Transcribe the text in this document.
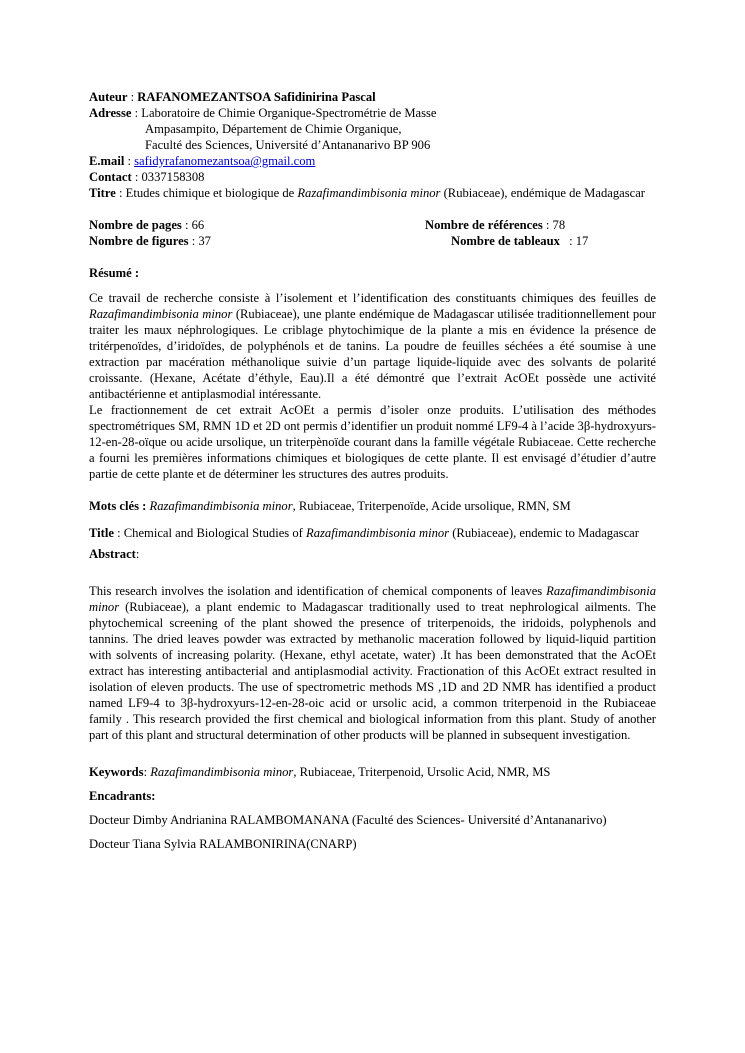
Auteur : RAFANOMEZANTSOA Safidinirina Pascal

Adresse : Laboratoire de Chimie Organique-Spectrométrie de Masse

Ampasampito, Département de Chimie Organique,

Faculté des Sciences, Université d’Antananarivo BP 906

E.mail : safidyrafanomezantsoa@gmail.com

Contact : 0337158308

Titre : Etudes chimique et biologique de Razafimandimbisonia minor (Rubiaceae), endémique de Madagascar

Nombre de pages : 66	Nombre de références : 78
Nombre de figures : 37	Nombre de tableaux : 17

Résumé :

Ce travail de recherche consiste à l’isolement et l’identification des constituants chimiques des feuilles de Razafimandimbisonia minor (Rubiaceae), une plante endémique de Madagascar utilisée traditionnellement pour traiter les maux néphrologiques. Le criblage phytochimique de la plante a mis en évidence la présence de tritérpenoïdes, d’iridoïdes, de polyphénols et de tanins. La poudre de feuilles séchées a été soumise à une extraction par macération méthanolique suivie d’un partage liquide-liquide avec des solvants de polarité croissante. (Hexane, Acétate d’éthyle, Eau).Il a été démontré que l’extrait AcOEt possède une activité antibactérienne et antiplasmodial intéressante.

Le fractionnement de cet extrait AcOEt a permis d’isoler onze produits. L’utilisation des méthodes spectrométriques SM, RMN 1D et 2D ont permis d’identifier un produit nommé LF9-4 à l’acide 3β-hydroxyurs-12-en-28-oïque ou acide ursolique, un triterpènoïde courant dans la famille végétale Rubiaceae. Cette recherche a fourni les premières informations chimiques et biologiques de cette plante. Il est envisagé d’étudier d’autre partie de cette plante et de déterminer les structures des autres produits.

Mots clés : Razafimandimbisonia minor, Rubiaceae, Triterpenoïde, Acide ursolique, RMN, SM

Title : Chemical and Biological Studies of Razafimandimbisonia minor (Rubiaceae), endemic to Madagascar

Abstract:

This research involves the isolation and identification of chemical components of leaves Razafimandimbisonia minor (Rubiaceae), a plant endemic to Madagascar traditionally used to treat nephrological ailments. The phytochemical screening of the plant showed the presence of triterpenoids, the iridoids, polyphenols and tannins. The dried leaves powder was extracted by methanolic maceration followed by liquid-liquid partition with solvents of increasing polarity. (Hexane, ethyl acetate, water) .It has been demonstrated that the AcOEt extract has interesting antibacterial and antiplasmodial activity. Fractionation of this AcOEt extract resulted in isolation of eleven products. The use of spectrometric methods MS ,1D and 2D NMR has identified a product named LF9-4 to 3β-hydroxyurs-12-en-28-oic acid or ursolic acid, a common triterpenoid in the Rubiaceae family . This research provided the first chemical and biological information from this plant. Study of another part of this plant and structural determination of other products will be planned in subsequent investigation.

Keywords: Razafimandimbisonia minor, Rubiaceae, Triterpenoid, Ursolic Acid, NMR, MS

Encadrants:

Docteur Dimby Andrianina RALAMBOMANANA (Faculté des Sciences- Université d’Antananarivo)

Docteur Tiana Sylvia RALAMBONIRINA(CNARP)
